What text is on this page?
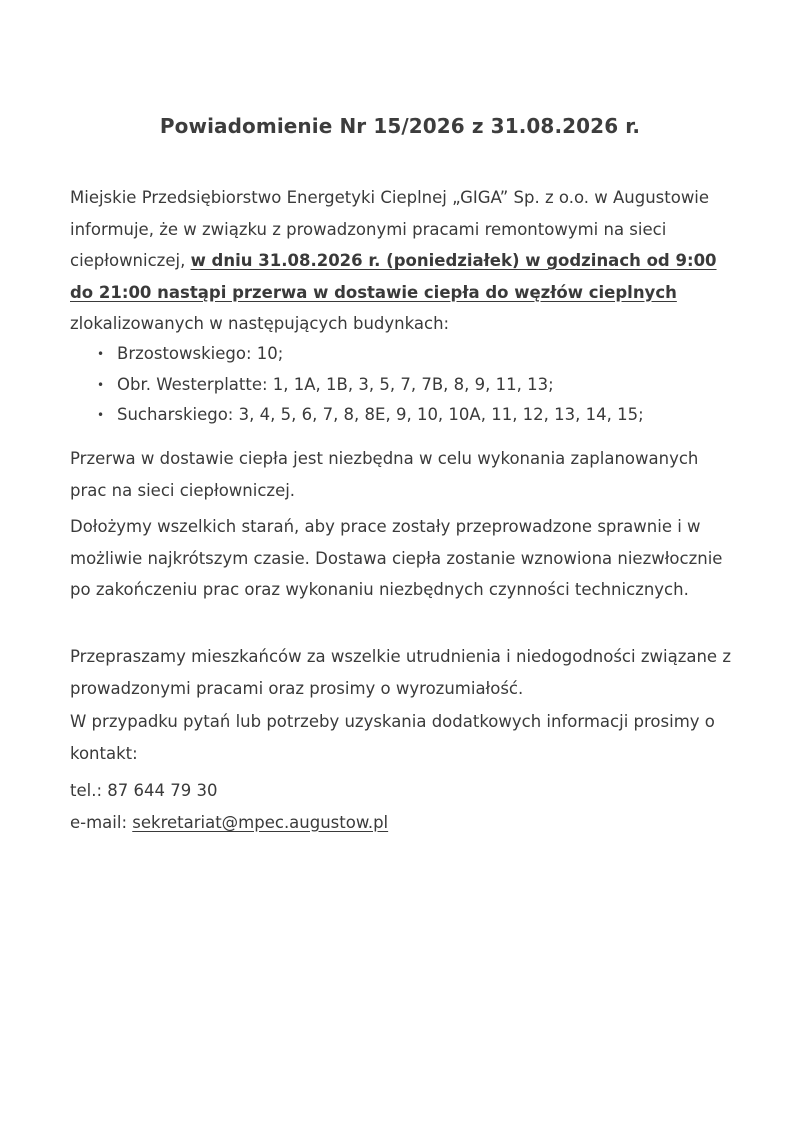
Powiadomienie Nr 15/2026 z 31.08.2026 r.
Miejskie Przedsiębiorstwo Energetyki Cieplnej „GIGA” Sp. z o.o. w Augustowie informuje, że w związku z prowadzonymi pracami remontowymi na sieci ciepłowniczej, w dniu 31.08.2026 r. (poniedziałek) w godzinach od 9:00 do 21:00 nastąpi przerwa w dostawie ciepła do węzłów cieplnych zlokalizowanych w następujących budynkach:
• Brzostowskiego: 10;
• Obr. Westerplatte: 1, 1A, 1B, 3, 5, 7, 7B, 8, 9, 11, 13;
• Sucharskiego: 3, 4, 5, 6, 7, 8, 8E, 9, 10, 10A, 11, 12, 13, 14, 15;
Przerwa w dostawie ciepła jest niezbędna w celu wykonania zaplanowanych prac na sieci ciepłowniczej.
Dołożymy wszelkich starań, aby prace zostały przeprowadzone sprawnie i w możliwie najkrótszym czasie. Dostawa ciepła zostanie wznowiona niezwłocznie po zakończeniu prac oraz wykonaniu niezbędnych czynności technicznych.
Przepraszamy mieszkańców za wszelkie utrudnienia i niedogodności związane z prowadzonymi pracami oraz prosimy o wyrozumiałość.
W przypadku pytań lub potrzeby uzyskania dodatkowych informacji prosimy o kontakt:
tel.: 87 644 79 30
e-mail: sekretariat@mpec.augustow.pl
